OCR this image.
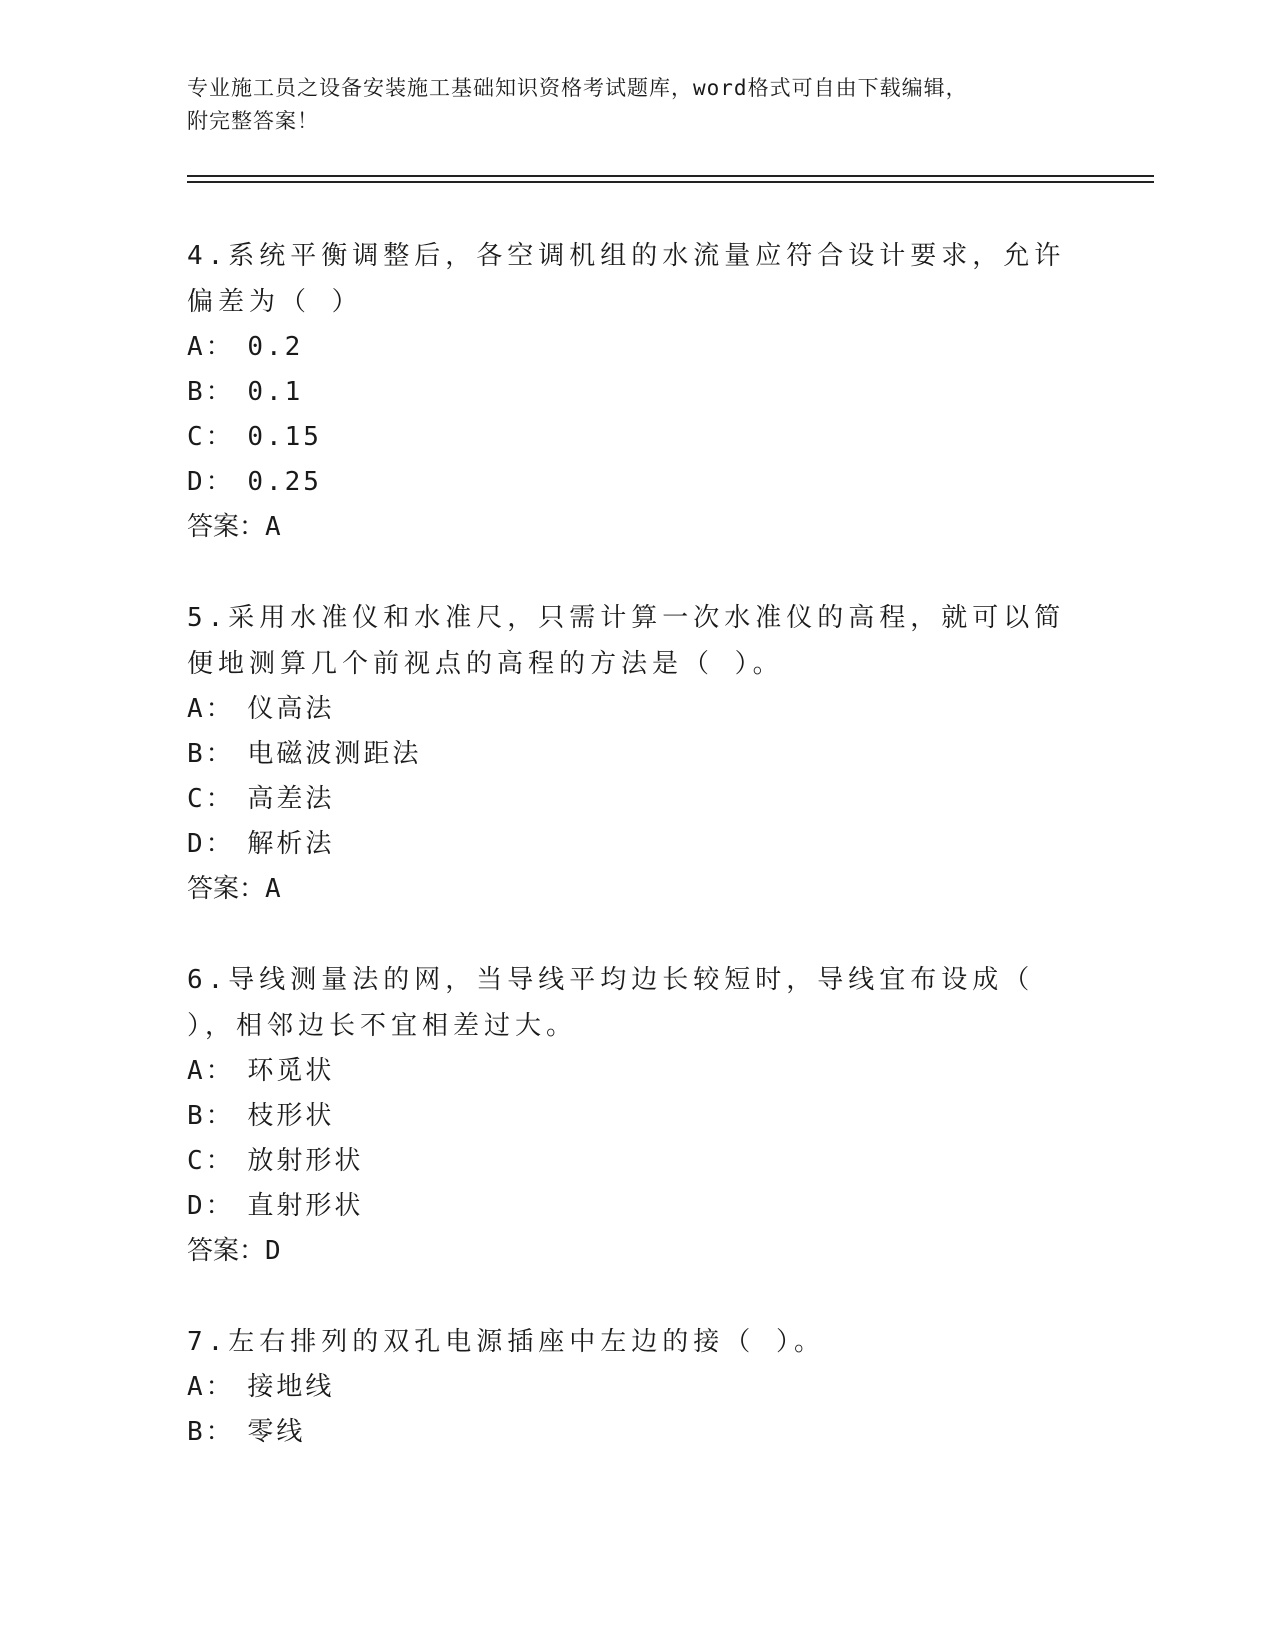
专业施工员之设备安装施工基础知识资格考试题库，word格式可自由下载编辑，
附完整答案！

4.系统平衡调整后，各空调机组的水流量应符合设计要求，允许偏差为（ ）

A： 0.2

B： 0.1

C： 0.15

D： 0.25

答案：A

5.采用水准仪和水准尺，只需计算一次水准仪的高程，就可以简便地测算几个前视点的高程的方法是（ ）。

A： 仪高法

B： 电磁波测距法

C： 高差法

D： 解析法

答案：A

6.导线测量法的网，当导线平均边长较短时，导线宜布设成（ ），相邻边长不宜相差过大。

A： 环觅状

B： 枝形状

C： 放射形状

D： 直射形状

答案：D

7.左右排列的双孔电源插座中左边的接（ ）。

A： 接地线

B： 零线
